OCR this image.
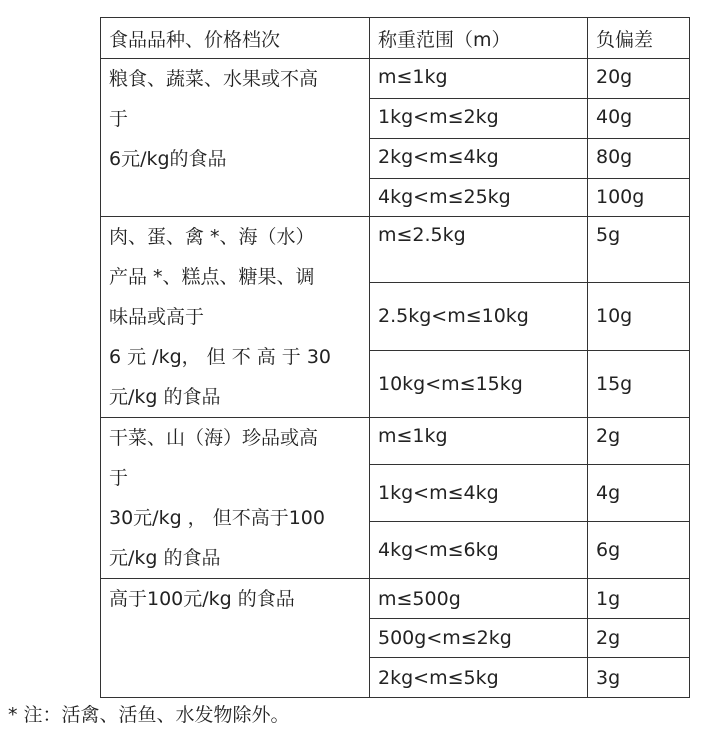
食品品种、价格档次	称重范围（m）	负偏差

粮食、蔬菜、水果或不高
于
6元/kg的食品	m≤1kg	20g
	1kg<m≤2kg	40g
	2kg<m≤4kg	80g
	4kg<m≤25kg	100g

肉、蛋、禽 *、海（水）
产品 *、糕点、糖果、调
味品或高于
6 元 /kg， 但 不 高 于 30
元/kg 的食品	m≤2.5kg	5g
	2.5kg<m≤10kg	10g
	10kg<m≤15kg	15g

干菜、山（海）珍品或高
于
30元/kg ， 但不高于100
元/kg 的食品	m≤1kg	2g
	1kg<m≤4kg	4g
	4kg<m≤6kg	6g

高于100元/kg 的食品	m≤500g	1g
	500g<m≤2kg	2g
	2kg<m≤5kg	3g
* 注：活禽、活鱼、水发物除外。
